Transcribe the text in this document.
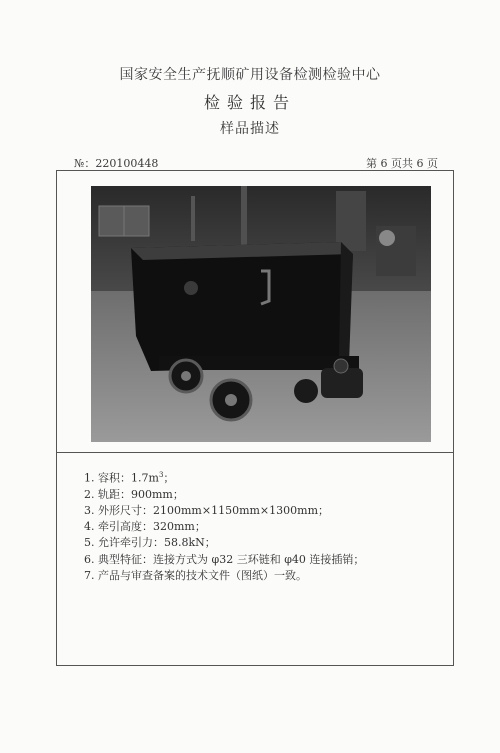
国家安全生产抚顺矿用设备检测检验中心
检验报告
样品描述
№：220100448	第 6 页共 6 页
1. 容积：$1.7m^3$；
2. 轨距：900mm；
3. 外形尺寸：2100mm×1150mm×1300mm；
4. 牵引高度：320mm；
5. 允许牵引力：58.8kN；
6. 典型特征：连接方式为 φ32 三环链和 φ40 连接插销；
7. 产品与审查备案的技术文件（图纸）一致。
